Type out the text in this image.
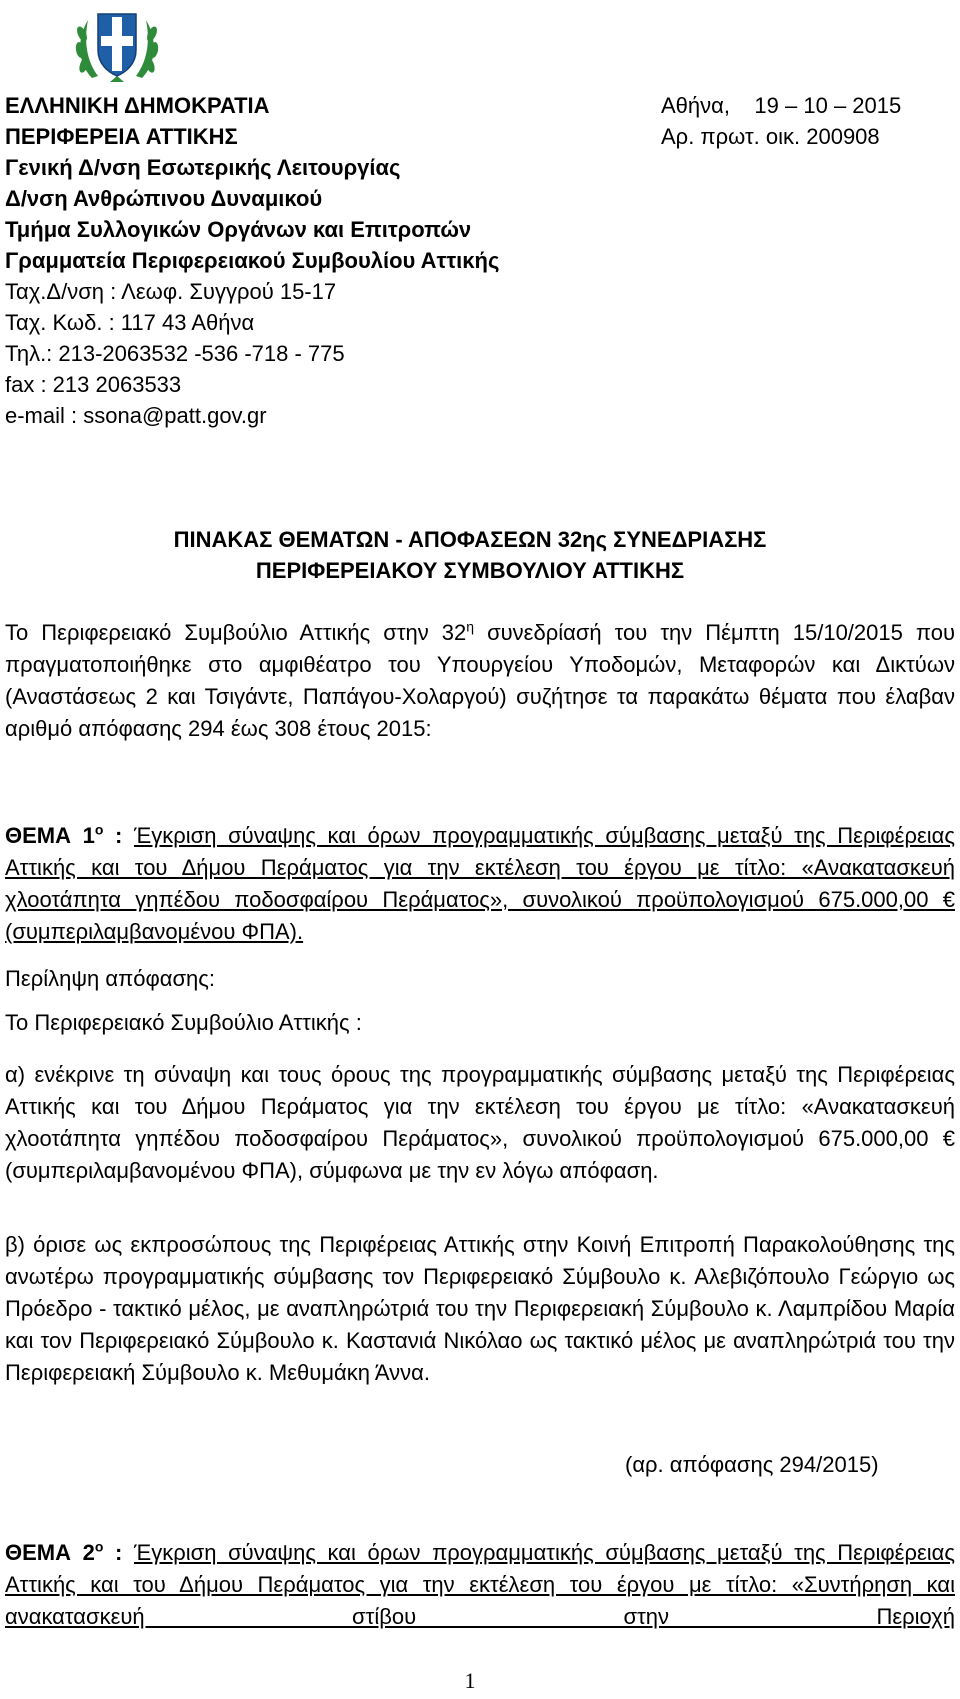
ΕΛΛΗΝΙΚΗ ΔΗΜΟΚΡΑΤΙΑ
ΠΕΡΙΦΕΡΕΙΑ ΑΤΤΙΚΗΣ
Γενική Δ/νση Εσωτερικής Λειτουργίας
Δ/νση Ανθρώπινου Δυναμικού
Τμήμα Συλλογικών Οργάνων και Επιτροπών
Γραμματεία Περιφερειακού Συμβουλίου Αττικής
Ταχ.Δ/νση : Λεωφ. Συγγρού 15-17
Ταχ. Κωδ. : 117 43 Αθήνα
Τηλ.: 213-2063532 -536 -718 - 775
fax : 213 2063533
e-mail : ssona@patt.gov.gr
Αθήνα,    19 – 10 – 2015
Αρ. πρωτ. οικ. 200908
ΠΙΝΑΚΑΣ ΘΕΜΑΤΩΝ - ΑΠΟΦΑΣΕΩΝ 32ης ΣΥΝΕΔΡΙΑΣΗΣ
ΠΕΡΙΦΕΡΕΙΑΚΟΥ ΣΥΜΒΟΥΛΙΟΥ ΑΤΤΙΚΗΣ
Το Περιφερειακό Συμβούλιο Αττικής στην $32^\eta$ συνεδρίασή του την Πέμπτη 15/10/2015 που πραγματοποιήθηκε στο αμφιθέατρο του Υπουργείου Υποδομών, Μεταφορών και Δικτύων (Αναστάσεως 2 και Τσιγάντε, Παπάγου-Χολαργού) συζήτησε τα παρακάτω θέματα που έλαβαν αριθμό απόφασης 294 έως 308 έτους 2015:
ΘΕΜΑ $1^o$ : Έγκριση σύναψης και όρων προγραμματικής σύμβασης μεταξύ της Περιφέρειας Αττικής και του Δήμου Περάματος για την εκτέλεση του έργου με τίτλο: «Ανακατασκευή χλοοτάπητα γηπέδου ποδοσφαίρου Περάματος», συνολικού προϋπολογισμού 675.000,00 € (συμπεριλαμβανομένου ΦΠΑ).
Περίληψη απόφασης:
Το Περιφερειακό Συμβούλιο Αττικής :
α) ενέκρινε τη σύναψη και τους όρους της προγραμματικής σύμβασης μεταξύ της Περιφέρειας Αττικής και του Δήμου Περάματος για την εκτέλεση του έργου με τίτλο: «Ανακατασκευή χλοοτάπητα γηπέδου ποδοσφαίρου Περάματος», συνολικού προϋπολογισμού 675.000,00 € (συμπεριλαμβανομένου ΦΠΑ), σύμφωνα με την εν λόγω απόφαση.
β) όρισε ως εκπροσώπους της Περιφέρειας Αττικής στην Κοινή Επιτροπή Παρακολούθησης της ανωτέρω προγραμματικής σύμβασης τον Περιφερειακό Σύμβουλο κ. Αλεβιζόπουλο Γεώργιο ως Πρόεδρο - τακτικό μέλος, με αναπληρώτριά του την Περιφερειακή Σύμβουλο κ. Λαμπρίδου Μαρία και τον Περιφερειακό Σύμβουλο κ. Καστανιά Νικόλαο ως τακτικό μέλος με αναπληρώτριά του την Περιφερειακή Σύμβουλο κ. Μεθυμάκη Άννα.
(αρ. απόφασης 294/2015)
ΘΕΜΑ $2^o$ : Έγκριση σύναψης και όρων προγραμματικής σύμβασης μεταξύ της Περιφέρειας Αττικής και του Δήμου Περάματος για την εκτέλεση του έργου με τίτλο: «Συντήρηση και ανακατασκευή στίβου στην Περιοχή
1
